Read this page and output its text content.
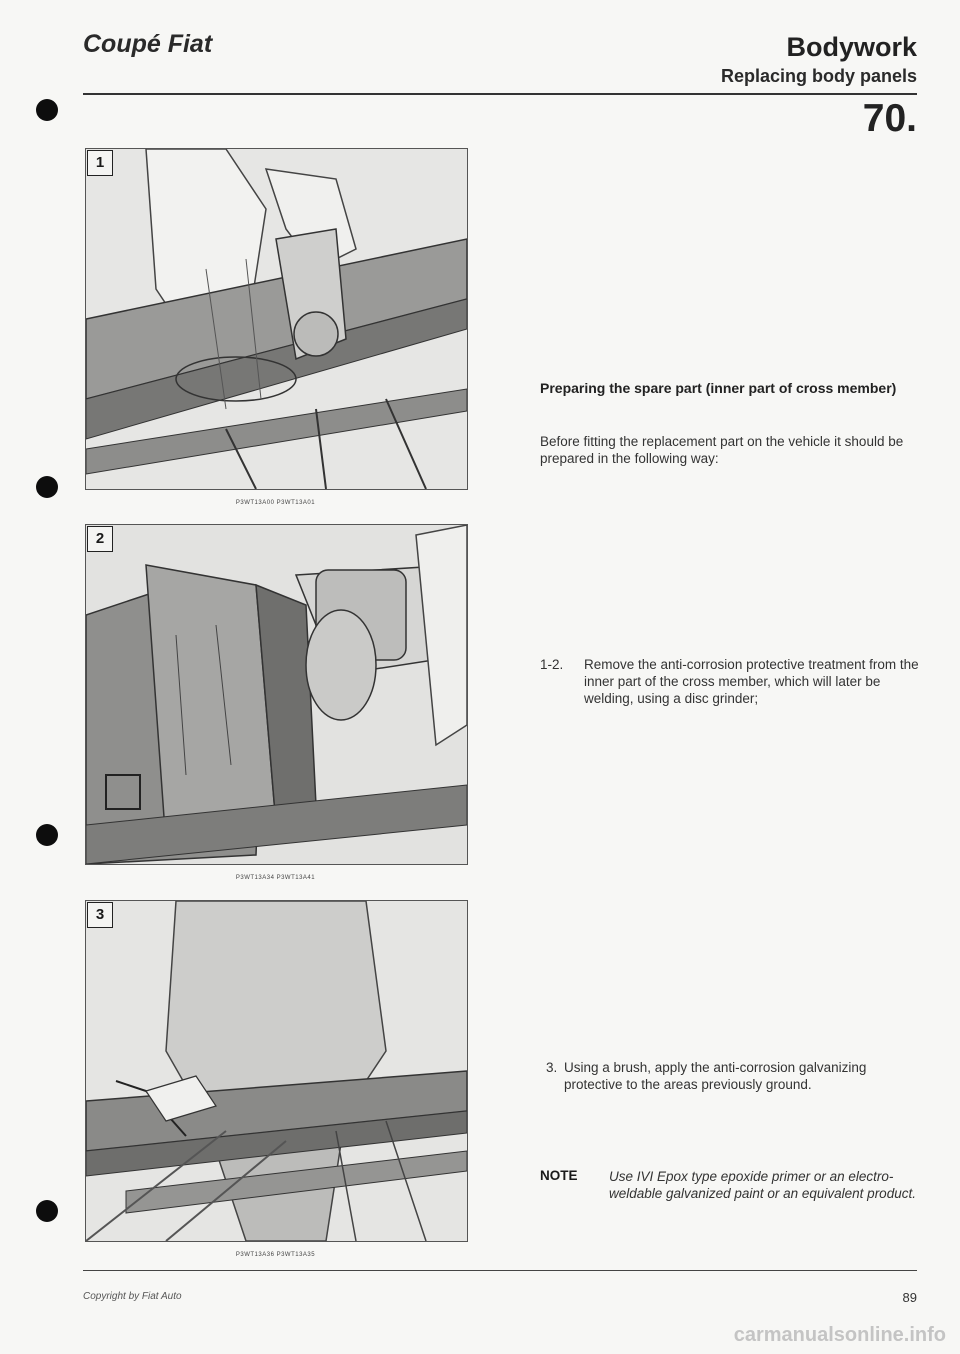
Coupé Fiat	Bodywork
Replacing body panels
70.
1
P3WT13A00 P3WT13A01
2
P3WT13A34 P3WT13A41
3
P3WT13A36 P3WT13A35
Preparing the spare part (inner part of cross member)
Before fitting the replacement part on the vehicle it should be prepared in the following way:
1-2. Remove the anti-corrosion protective treatment from the inner part of the cross member, which will later be welding, using a disc grinder;
3. Using a brush, apply the anti-corrosion galvanizing protective to the areas previously ground.
NOTE Use IVI Epox type epoxide primer or an electro-weldable galvanized paint or an equivalent product.
Copyright by Fiat Auto	89
carmanualsonline.info
